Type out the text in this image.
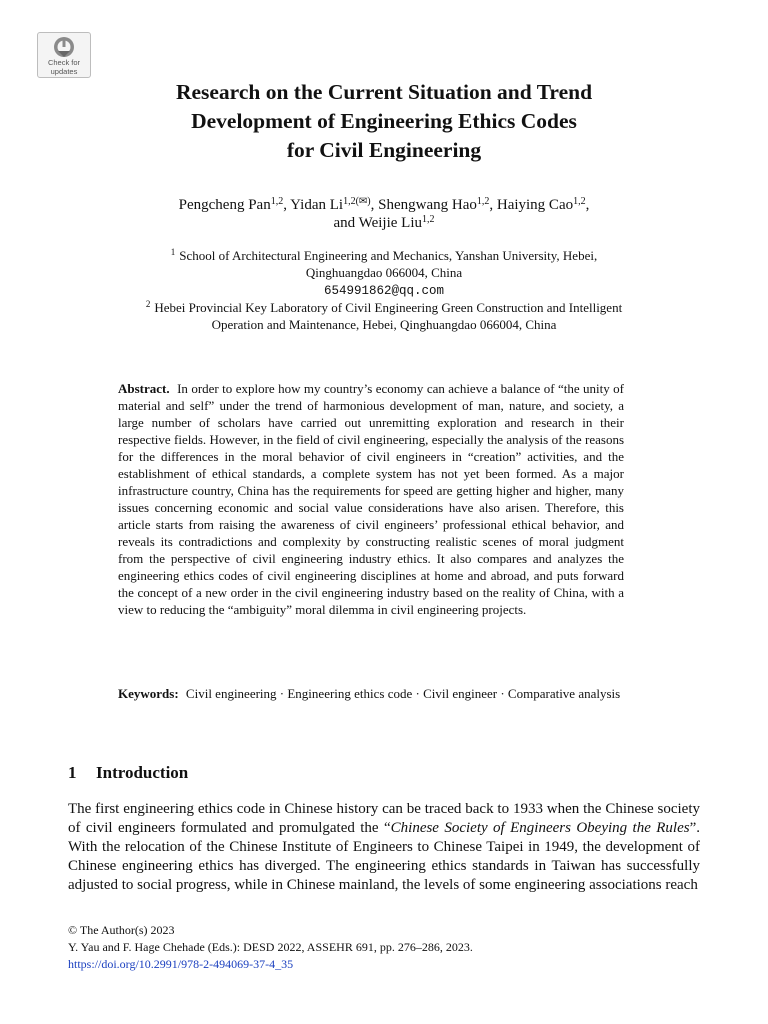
Check for
updates
Research on the Current Situation and Trend
Development of Engineering Ethics Codes
for Civil Engineering
Pengcheng Pan$^{1,2}$, Yidan $Li^{1,2(✉)}$, Shengwang Hao$^{1,2}$, Haiying Cao$^{1,2}$,
and Weijie Liu$^{1,2}$
$^1$ School of Architectural Engineering and Mechanics, Yanshan University, Hebei,
Qinghuangdao 066004, China
654991862@qq.com
$^2$ Hebei Provincial Key Laboratory of Civil Engineering Green Construction and Intelligent
Operation and Maintenance, Hebei, Qinghuangdao 066004, China

Abstract. In order to explore how my country’s economy can achieve a balance of “the unity of material and self” under the trend of harmonious development of man, nature, and society, a large number of scholars have carried out unremitting exploration and research in their respective fields. However, in the field of civil engineering, especially the analysis of the reasons for the differences in the moral behavior of civil engineers in “creation” activities, and the establishment of ethical standards, a complete system has not yet been formed. As a major infrastructure country, China has the requirements for speed are getting higher and higher, many issues concerning economic and social value considerations have also arisen. Therefore, this article starts from raising the awareness of civil engineers’ professional ethical behavior, and reveals its contradictions and complexity by constructing realistic scenes of moral judgment from the perspective of civil engineering industry ethics. It also compares and analyzes the engineering ethics codes of civil engineering disciplines at home and abroad, and puts forward the concept of a new order in the civil engineering industry based on the reality of China, with a view to reducing the “ambiguity” moral dilemma in civil engineering projects.

Keywords: Civil engineering · Engineering ethics code · Civil engineer · Comparative analysis

1 Introduction

The first engineering ethics code in Chinese history can be traced back to 1933 when the Chinese society of civil engineers formulated and promulgated the “Chinese Society of Engineers Obeying the Rules”. With the relocation of the Chinese Institute of Engineers to Chinese Taipei in 1949, the development of Chinese engineering ethics has diverged. The engineering ethics standards in Taiwan has successfully adjusted to social progress, while in Chinese mainland, the levels of some engineering associations reach

© The Author(s) 2023
Y. Yau and F. Hage Chehade (Eds.): DESD 2022, ASSEHR 691, pp. 276–286, 2023.
https://doi.org/10.2991/978-2-494069-37-4_35
